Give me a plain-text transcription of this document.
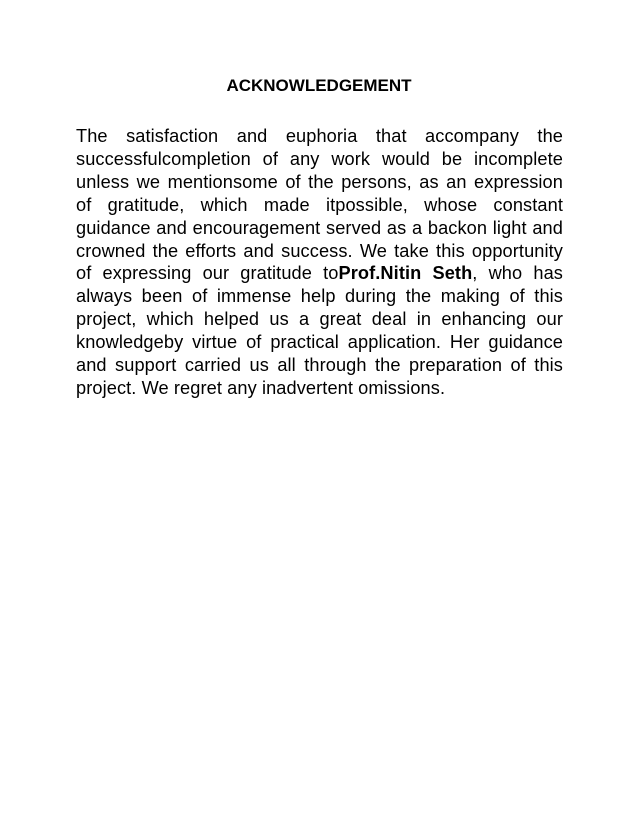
ACKNOWLEDGEMENT

The satisfaction and euphoria that accompany the successfulcompletion of any work would be incomplete unless we mentionsome of the persons, as an expression of gratitude, which made itpossible, whose constant guidance and encouragement served as a backon light and crowned the efforts and success. We take this opportunity of expressing our gratitude toProf.Nitin Seth, who has always been of immense help during the making of this project, which helped us a great deal in enhancing our knowledgeby virtue of practical application. Her guidance and support carried us all through the preparation of this project. We regret any inadvertent omissions.
